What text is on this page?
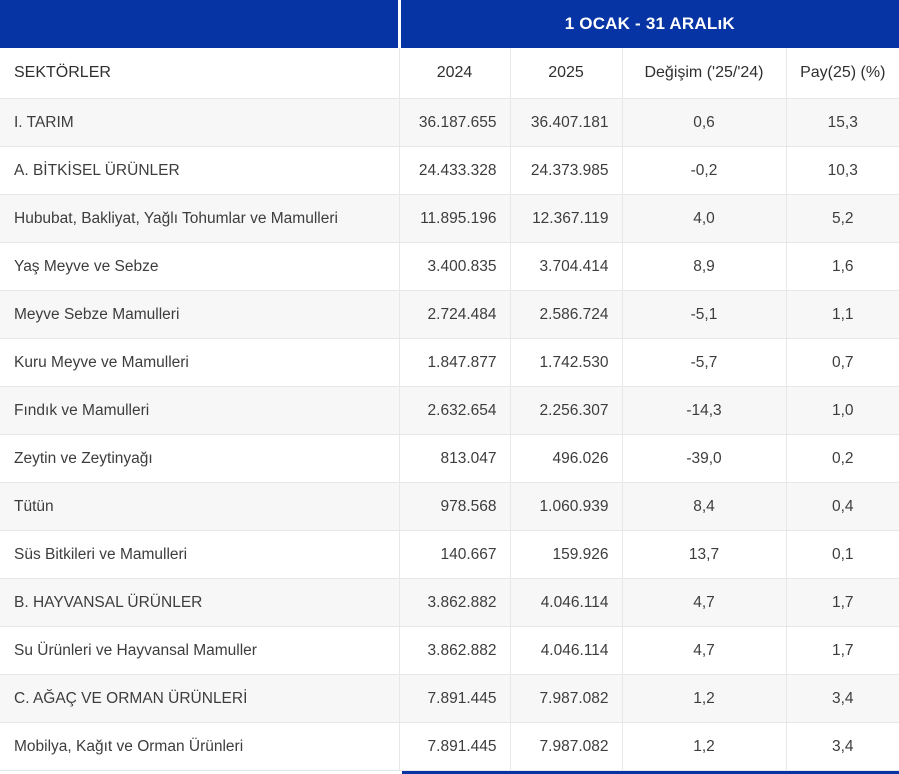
	1 OCAK - 31 ARALıK			
SEKTÖRLER	2024	2025	Değişim ('25/'24)	Pay(25) (%)
I. TARIM	36.187.655	36.407.181	0,6	15,3
A. BİTKİSEL ÜRÜNLER	24.433.328	24.373.985	-0,2	10,3
Hububat, Bakliyat, Yağlı Tohumlar ve Mamulleri	11.895.196	12.367.119	4,0	5,2
Yaş Meyve ve Sebze	3.400.835	3.704.414	8,9	1,6
Meyve Sebze Mamulleri	2.724.484	2.586.724	-5,1	1,1
Kuru Meyve ve Mamulleri	1.847.877	1.742.530	-5,7	0,7
Fındık ve Mamulleri	2.632.654	2.256.307	-14,3	1,0
Zeytin ve Zeytinyağı	813.047	496.026	-39,0	0,2
Tütün	978.568	1.060.939	8,4	0,4
Süs Bitkileri ve Mamulleri	140.667	159.926	13,7	0,1
B. HAYVANSAL ÜRÜNLER	3.862.882	4.046.114	4,7	1,7
Su Ürünleri ve Hayvansal Mamuller	3.862.882	4.046.114	4,7	1,7
C. AĞAÇ VE ORMAN ÜRÜNLERİ	7.891.445	7.987.082	1,2	3,4
Mobilya, Kağıt ve Orman Ürünleri	7.891.445	7.987.082	1,2	3,4
